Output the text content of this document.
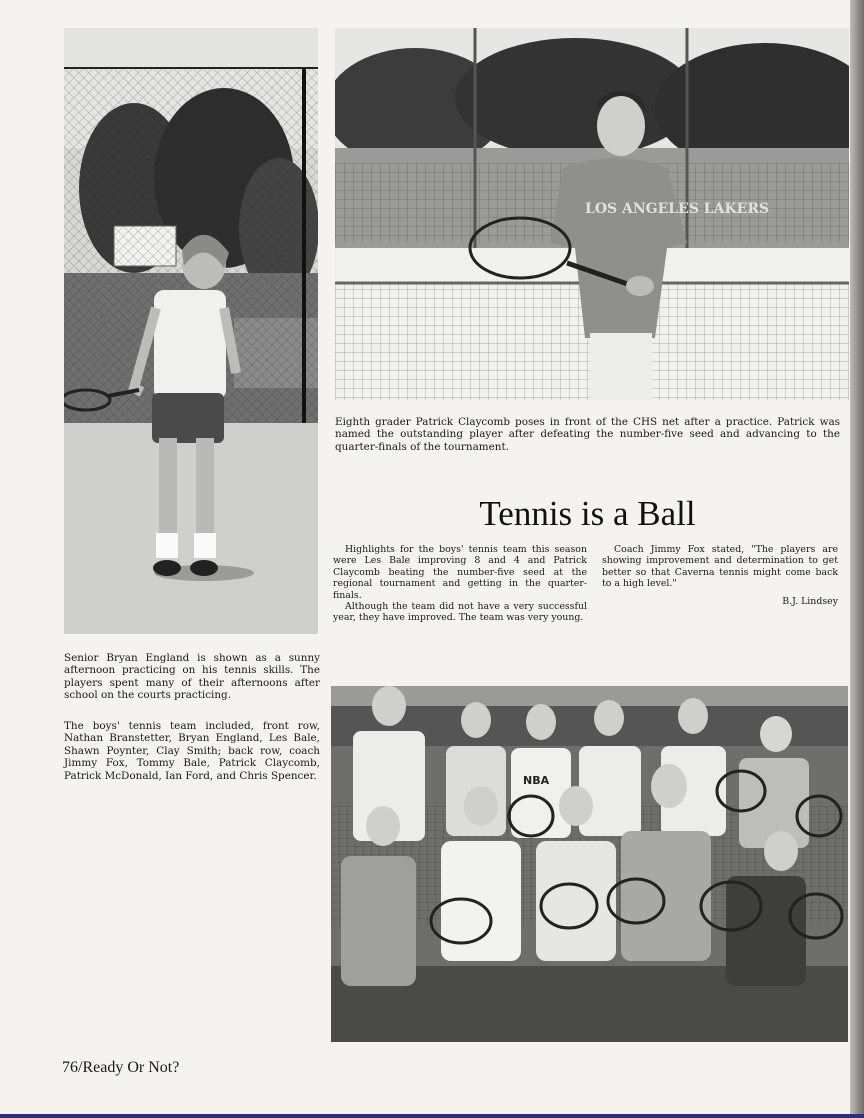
LOS ANGELES LAKERS
Eighth grader Patrick Claycomb poses in front of the CHS net after a practice. Patrick was named the outstanding player after defeating the number-five seed and advancing to the quarter-finals of the tournament.
Tennis is a Ball

Highlights for the boys' tennis team this season were Les Bale improving 8 and 4 and Patrick Claycomb beating the number-five seed at the regional tournament and getting in the quarter-finals.

Although the team did not have a very successful year, they have improved. The team was very young.

Coach Jimmy Fox stated, "The players are showing improvement and determination to get better so that Caverna tennis might come back to a high level."

B.J. Lindsey
Senior Bryan England is shown as a sunny afternoon practicing on his tennis skills. The players spent many of their afternoons after school on the courts practicing.
The boys' tennis team included, front row, Nathan Branstetter, Bryan England, Les Bale, Shawn Poynter, Clay Smith; back row, coach Jimmy Fox, Tommy Bale, Patrick Claycomb, Patrick McDonald, Ian Ford, and Chris Spencer.	NBA
76/Ready Or Not?
